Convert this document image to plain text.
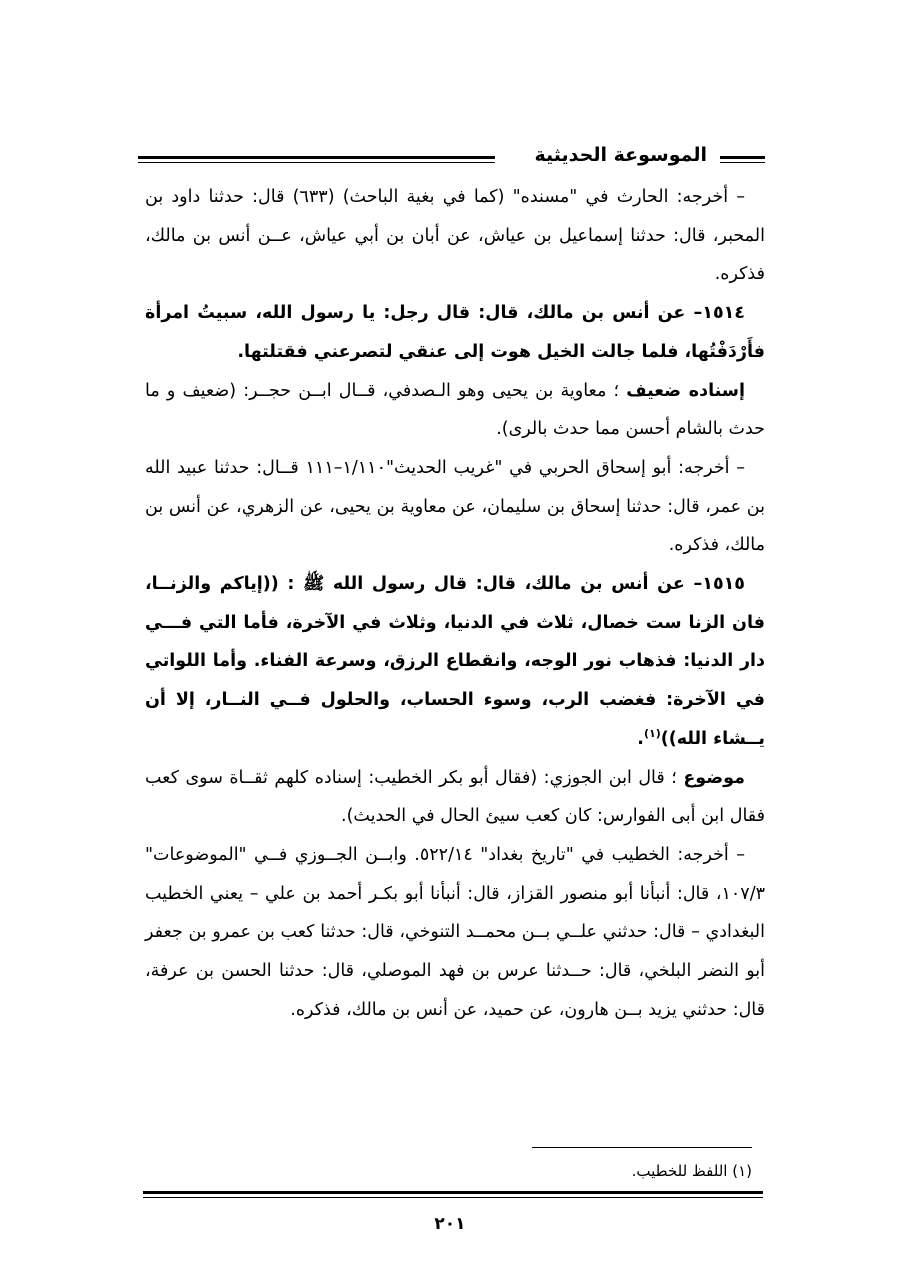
الموسوعة الحديثية

– أخرجه: الحارث في "مسنده" (كما في بغية الباحث) (٦٣٣) قال: حدثنا داود بن المحبر، قال: حدثنا إسماعيل بن عياش، عن أبان بن أبي عياش، عــن أنس بن مالك، فذكره.

١٥١٤– عن أنس بن مالك، قال: قال رجل: يا رسول الله، سبيتُ امرأة فأَرْدَفْتُها، فلما جالت الخيل هوت إلى عنقي لتصرعني فقتلتها.

إسناده ضعيف ؛ معاوية بن يحيى وهو الـصدفي، قــال ابــن حجــر: (ضعيف و ما حدث بالشام أحسن مما حدث بالرى).

– أخرجه: أبو إسحاق الحربي في "غريب الحديث"١/١١٠–١١١ قــال: حدثنا عبيد الله بن عمر، قال: حدثنا إسحاق بن سليمان، عن معاوية بن يحيى، عن الزهري، عن أنس بن مالك، فذكره.

١٥١٥– عن أنس بن مالك، قال: قال رسول الله ﷺ : ((إياكم والزنــا، فان الزنا ست خصال، ثلاث في الدنيا، وثلاث في الآخرة، فأما التي فـــي دار الدنيا: فذهاب نور الوجه، وانقطاع الرزق، وسرعة الفناء. وأما اللواتي في الآخرة: فغضب الرب، وسوء الحساب، والحلول فــي النــار، إلا أن يــشاء الله))$^{(١)}$.

موضوع ؛ قال ابن الجوزي: (فقال أبو بكر الخطيب: إسناده كلهم ثقــاة سوى كعب فقال ابن أبى الفوارس: كان كعب سيئ الحال في الحديث).

– أخرجه: الخطيب في "تاريخ بغداد" ٥٢٢/١٤. وابــن الجــوزي فــي "الموضوعات" ١٠٧/٣، قال: أنبأنا أبو منصور القزاز، قال: أنبأنا أبو بكـر أحمد بن علي – يعني الخطيب البغدادي – قال: حدثني علــي بــن محمــد التنوخي، قال: حدثنا كعب بن عمرو بن جعفر أبو النضر البلخي، قال: حــدثنا عرس بن فهد الموصلي، قال: حدثنا الحسن بن عرفة، قال: حدثني يزيد بــن هارون، عن حميد، عن أنس بن مالك، فذكره.

(١) اللفظ للخطيب.
٢٠١
